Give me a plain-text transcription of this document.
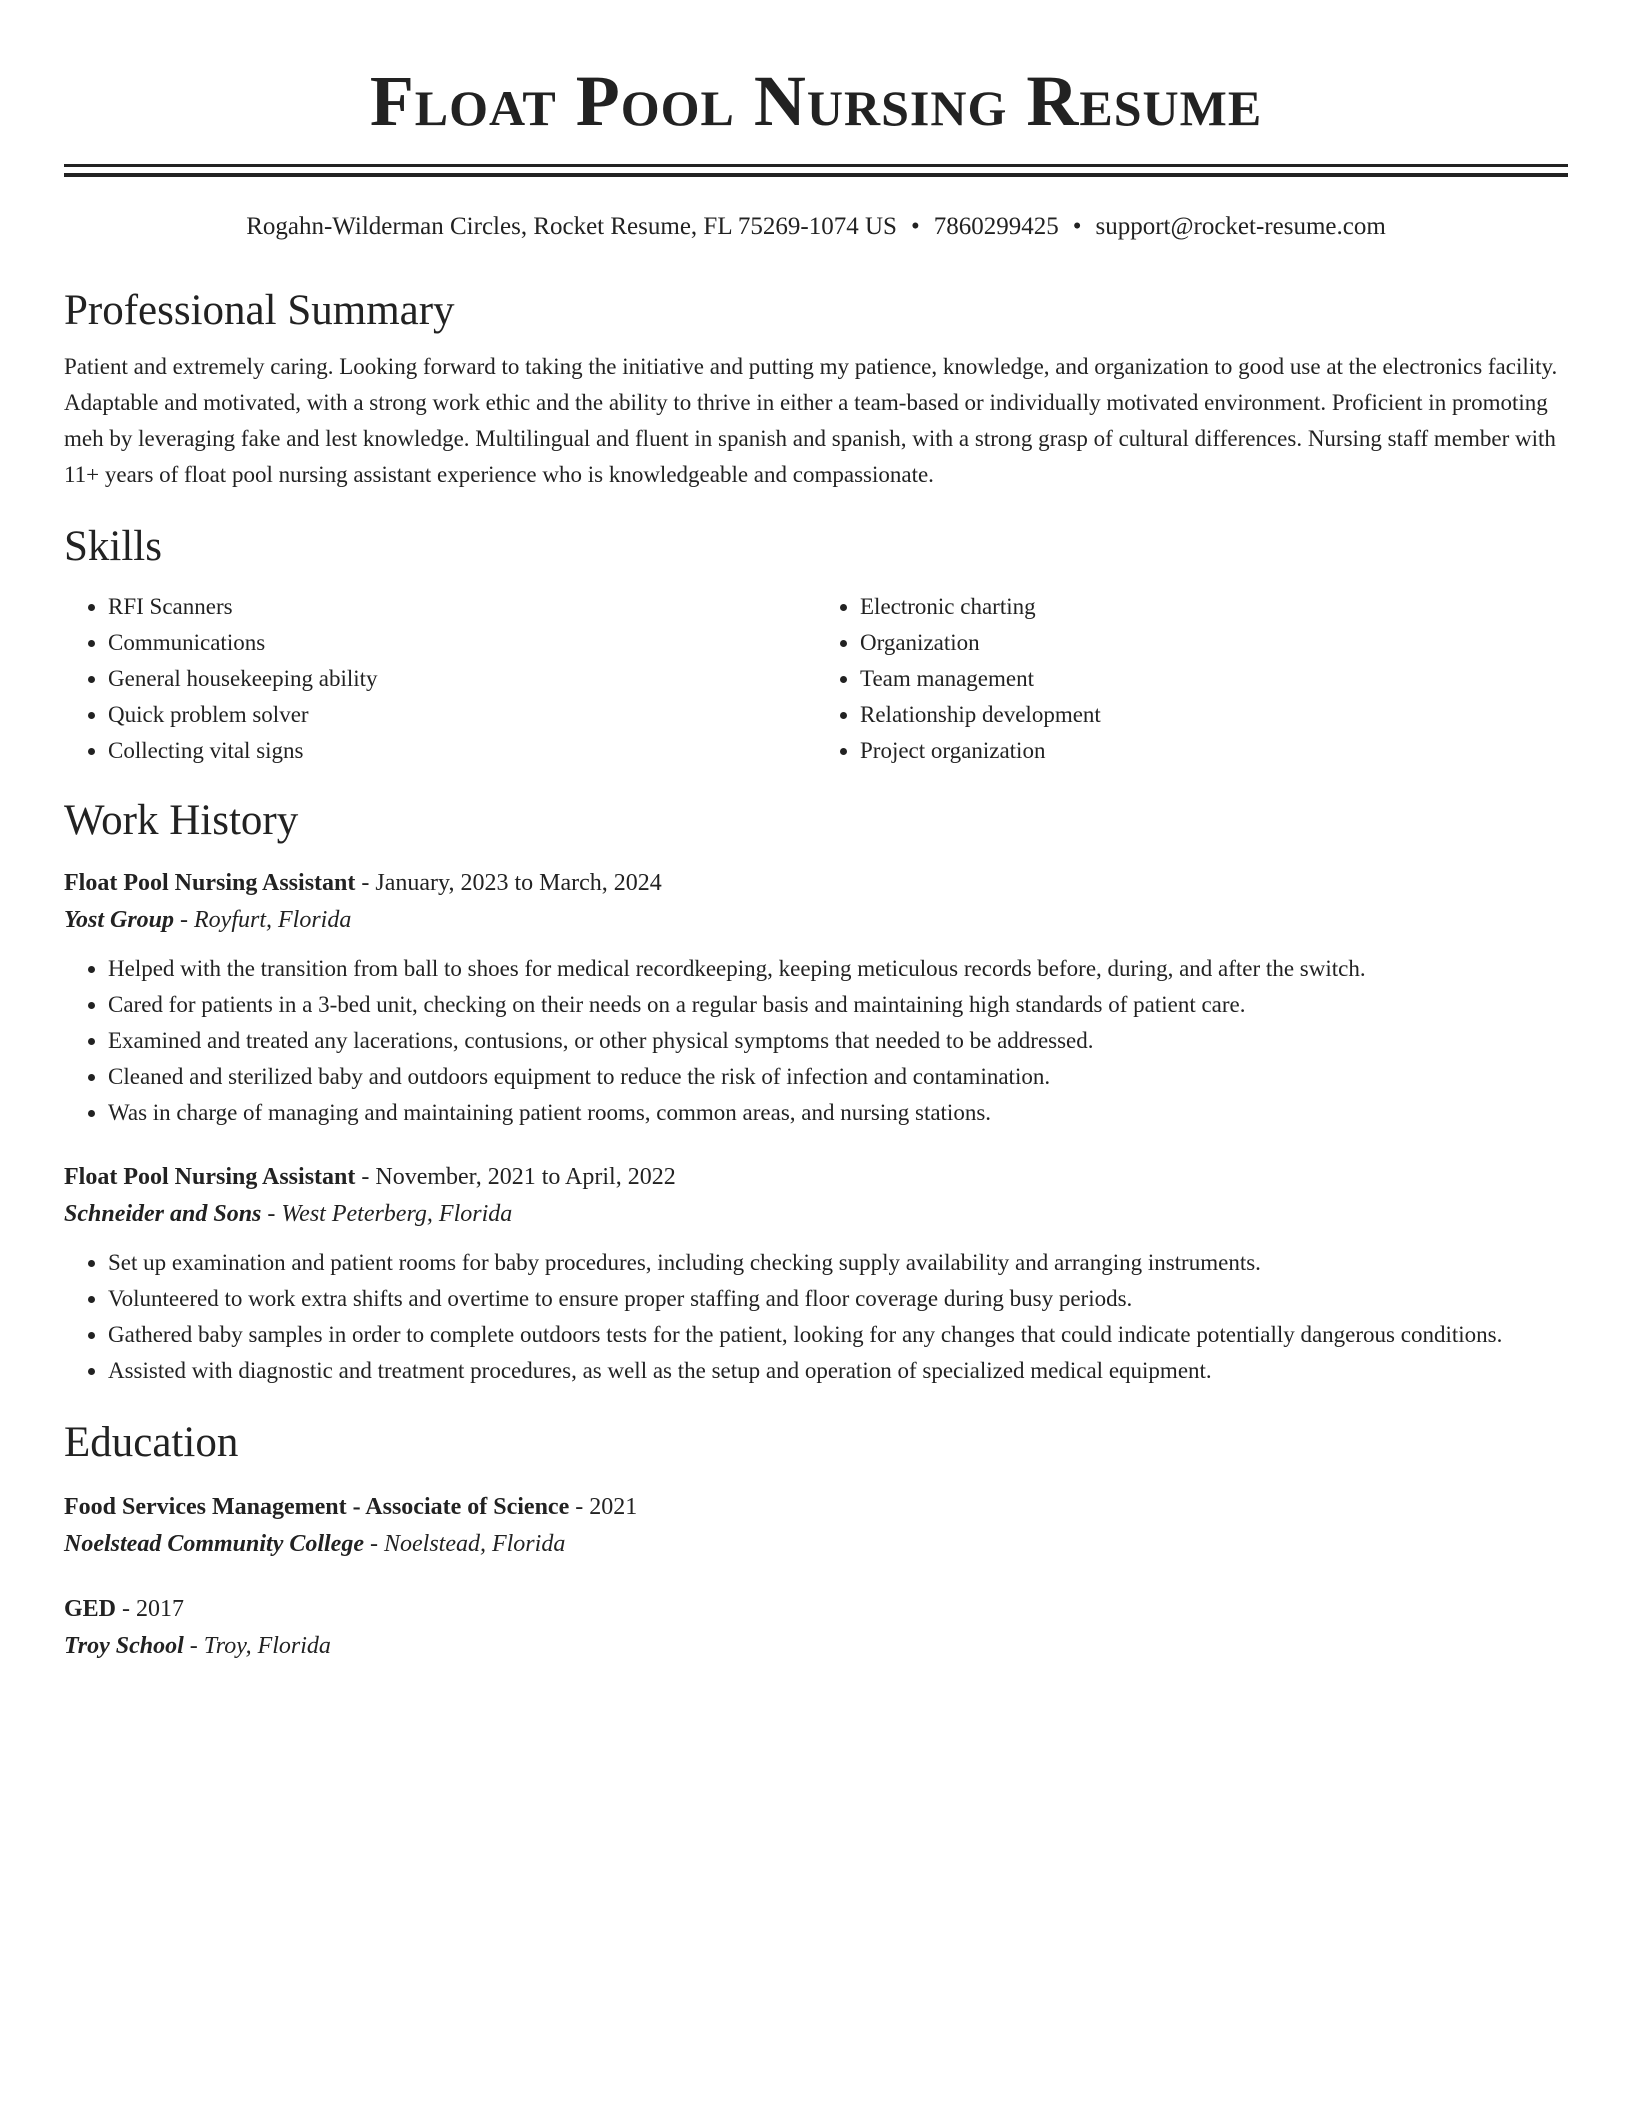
Float Pool Nursing Resume
Rogahn-Wilderman Circles, Rocket Resume, FL 75269-1074 US • 7860299425 • support@rocket-resume.com
Professional Summary

Patient and extremely caring. Looking forward to taking the initiative and putting my patience, knowledge, and organization to good use at the electronics facility. Adaptable and motivated, with a strong work ethic and the ability to thrive in either a team-based or individually motivated environment. Proficient in promoting meh by leveraging fake and lest knowledge. Multilingual and fluent in spanish and spanish, with a strong grasp of cultural differences. Nursing staff member with 11+ years of float pool nursing assistant experience who is knowledgeable and compassionate.

Skills
• RFI Scanners
• Communications
• General housekeeping ability
• Quick problem solver
• Collecting vital signs
• Electronic charting
• Organization
• Team management
• Relationship development
• Project organization
Work History
Float Pool Nursing Assistant - January, 2023 to March, 2024
Yost Group - Royfurt, Florida
• Helped with the transition from ball to shoes for medical recordkeeping, keeping meticulous records before, during, and after the switch.
• Cared for patients in a 3-bed unit, checking on their needs on a regular basis and maintaining high standards of patient care.
• Examined and treated any lacerations, contusions, or other physical symptoms that needed to be addressed.
• Cleaned and sterilized baby and outdoors equipment to reduce the risk of infection and contamination.
• Was in charge of managing and maintaining patient rooms, common areas, and nursing stations.
Float Pool Nursing Assistant - November, 2021 to April, 2022
Schneider and Sons - West Peterberg, Florida
• Set up examination and patient rooms for baby procedures, including checking supply availability and arranging instruments.
• Volunteered to work extra shifts and overtime to ensure proper staffing and floor coverage during busy periods.
• Gathered baby samples in order to complete outdoors tests for the patient, looking for any changes that could indicate potentially dangerous conditions.
• Assisted with diagnostic and treatment procedures, as well as the setup and operation of specialized medical equipment.
Education
Food Services Management - Associate of Science - 2021
Noelstead Community College - Noelstead, Florida
GED - 2017
Troy School - Troy, Florida
